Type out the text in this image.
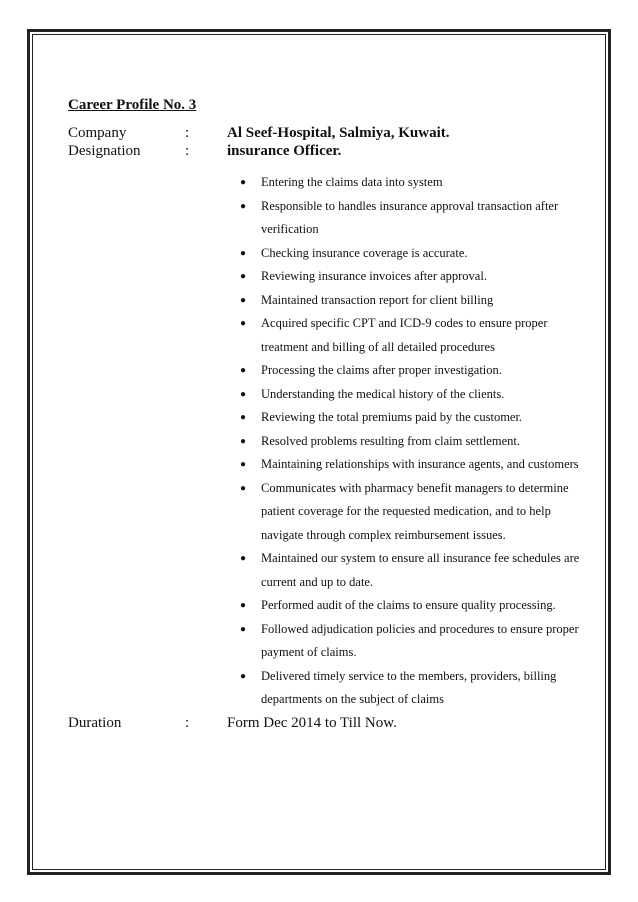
Career Profile No. 3
Company	:	Al Seef-Hospital, Salmiya, Kuwait.
Designation	:	insurance Officer.
● Entering the claims data into system
● Responsible to handles insurance approval transaction after verification
● Checking insurance coverage is accurate.
● Reviewing insurance invoices after approval.
● Maintained transaction report for client billing
● Acquired specific CPT and ICD-9 codes to ensure proper treatment and billing of all detailed procedures
● Processing the claims after proper investigation.
● Understanding the medical history of the clients.
● Reviewing the total premiums paid by the customer.
● Resolved problems resulting from claim settlement.
● Maintaining relationships with insurance agents, and customers
● Communicates with pharmacy benefit managers to determine patient coverage for the requested medication, and to help navigate through complex reimbursement issues.
● Maintained our system to ensure all insurance fee schedules are current and up to date.
● Performed audit of the claims to ensure quality processing.
● Followed adjudication policies and procedures to ensure proper payment of claims.
● Delivered timely service to the members, providers, billing departments on the subject of claims
Duration	:	Form Dec 2014 to Till Now.
